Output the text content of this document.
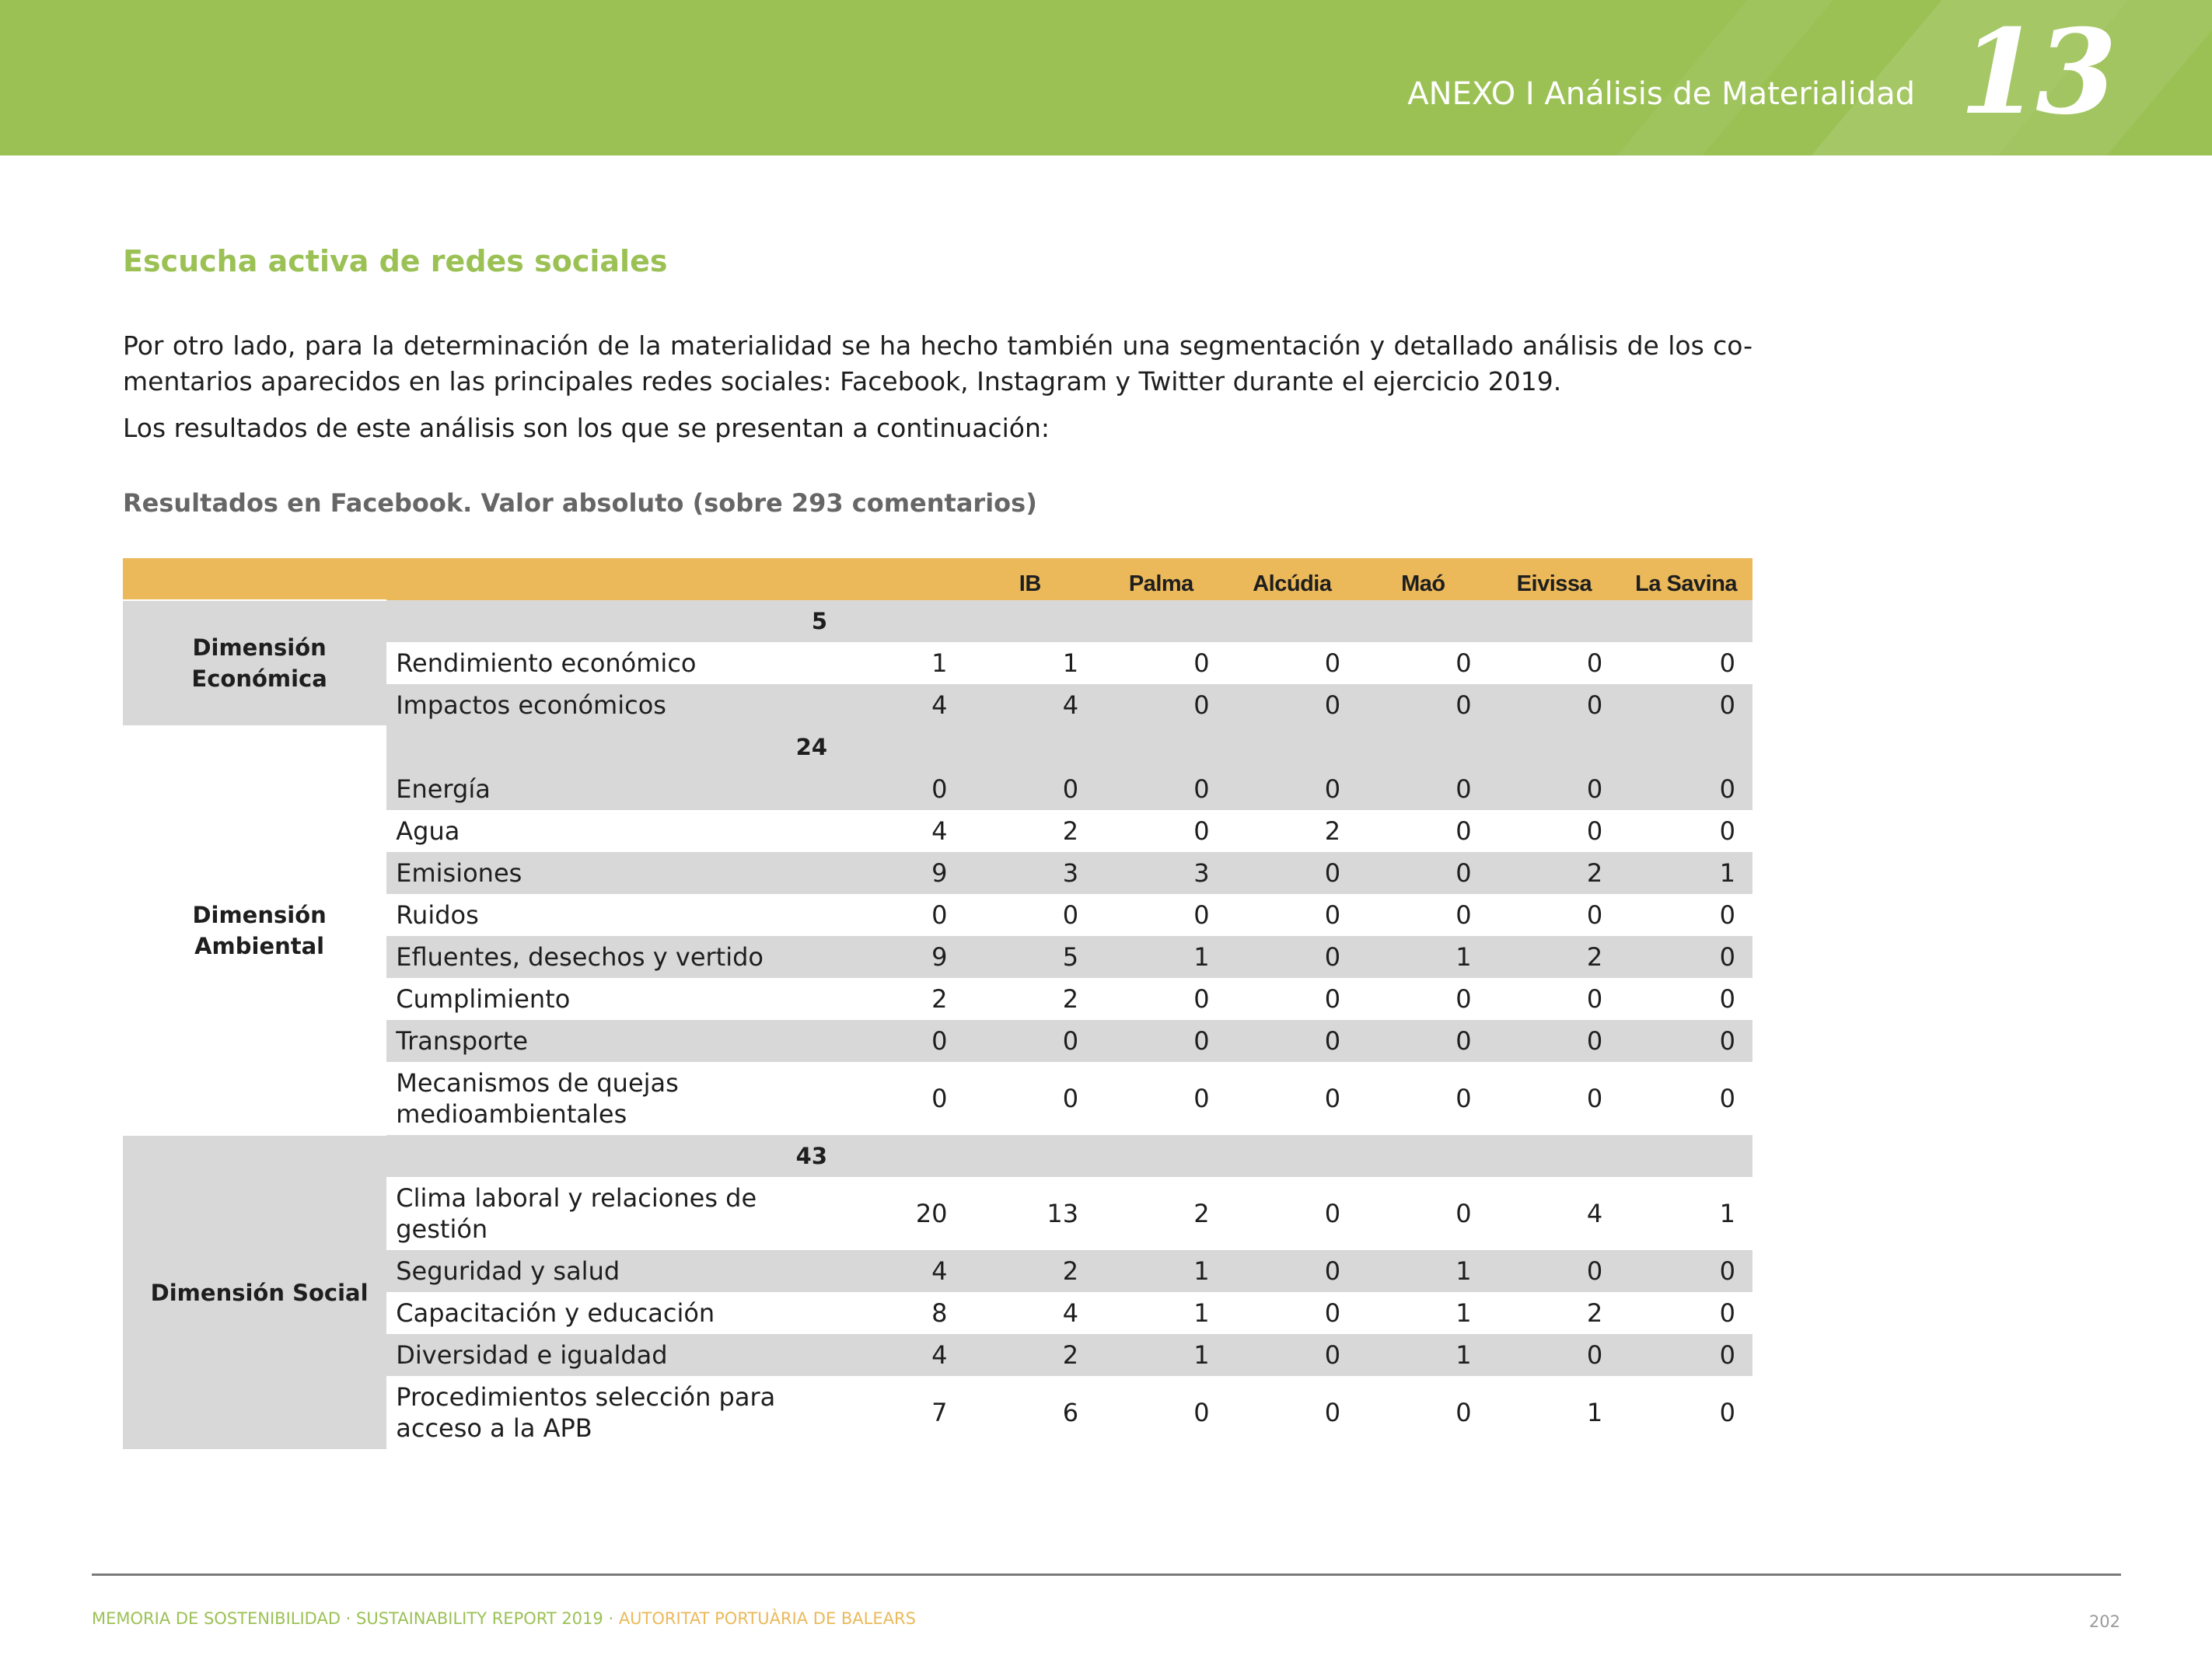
ANEXO I Análisis de Materialidad 13
Escucha activa de redes sociales

Por otro lado, para la determinación de la materialidad se ha hecho también una segmentación y detallado análisis de los co-mentarios aparecidos en las principales redes sociales: Facebook, Instagram y Twitter durante el ejercicio 2019.

Los resultados de este análisis son los que se presentan a continuación:

Resultados en Facebook. Valor absoluto (sobre 293 comentarios)
			IB	Palma	Alcúdia	Maó	Eivissa	La Savina
Dimensión Económica	5							
	Rendimiento económico	1	1	0	0	0	0	0
	Impactos económicos	4	4	0	0	0	0	0
Dimensión Ambiental	24							
	Energía	0	0	0	0	0	0	0
	Agua	4	2	0	2	0	0	0
	Emisiones	9	3	3	0	0	2	1
	Ruidos	0	0	0	0	0	0	0
	Efluentes, desechos y vertido	9	5	1	0	1	2	0
	Cumplimiento	2	2	0	0	0	0	0
	Transporte	0	0	0	0	0	0	0
	Mecanismos de quejas medioambientales	0	0	0	0	0	0	0
Dimensión Social	43							
	Clima laboral y relaciones de gestión	20	13	2	0	0	4	1
	Seguridad y salud	4	2	1	0	1	0	0
	Capacitación y educación	8	4	1	0	1	2	0
	Diversidad e igualdad	4	2	1	0	1	0	0
	Procedimientos selección para acceso a la APB	7	6	0	0	0	1	0
MEMORIA DE SOSTENIBILIDAD · SUSTAINABILITY REPORT 2019 · AUTORITAT PORTUÀRIA DE BALEARS	202
